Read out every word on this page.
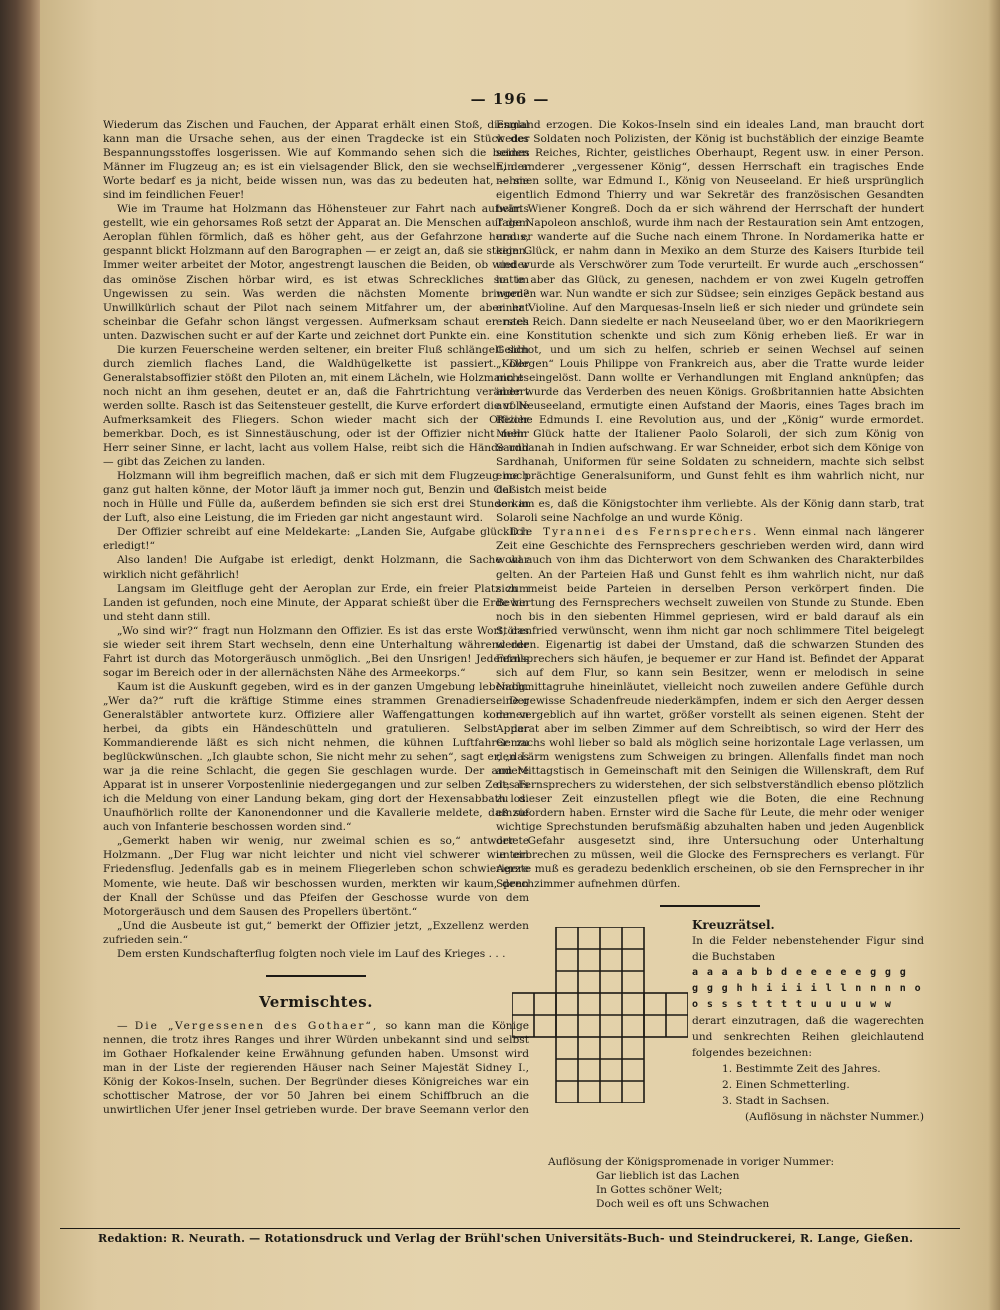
— 196 —

Wiederum das Zischen und Fauchen, der Apparat erhält einen Stoß, diesmal kann man die Ursache sehen, aus der einen Tragdecke ist ein Stück des Bespannungsstoffes losgerissen. Wie auf Kommando sehen sich die beiden Männer im Flugzeug an; es ist ein vielsagender Blick, den sie wechseln, der Worte bedarf es ja nicht, beide wissen nun, was das zu bedeuten hat, — sie sind im feindlichen Feuer!

Wie im Traume hat Holzmann das Höhensteuer zur Fahrt nach aufwärts gestellt, wie ein gehorsames Roß setzt der Apparat an. Die Menschen auf dem Aeroplan fühlen förmlich, daß es höher geht, aus der Gefahrzone heraus, gespannt blickt Holzmann auf den Barographen — er zeigt an, daß sie steigen. Immer weiter arbeitet der Motor, angestrengt lauschen die Beiden, ob wieder das ominöse Zischen hörbar wird, es ist etwas Schreckliches so im Ungewissen zu sein. Was werden die nächsten Momente bringen? Unwillkürlich schaut der Pilot nach seinem Mitfahrer um, der aber hat scheinbar die Gefahr schon längst vergessen. Aufmerksam schaut er nach unten. Dazwischen sucht er auf der Karte und zeichnet dort Punkte ein.

Die kurzen Feuerscheine werden seltener, ein breiter Fluß schlängelt sich durch ziemlich flaches Land, die Waldhügelkette ist passiert. Der Generalstabsoffizier stößt den Piloten an, mit einem Lächeln, wie Holzmann es noch nicht an ihm gesehen, deutet er an, daß die Fahrtrichtung verändert werden sollte. Rasch ist das Seitensteuer gestellt, die Kurve erfordert die volle Aufmerksamkeit des Fliegers. Schon wieder macht sich der Offizier bemerkbar. Doch, es ist Sinnestäuschung, oder ist der Offizier nicht mehr Herr seiner Sinne, er lacht, lacht aus vollem Halse, reibt sich die Hände und — gibt das Zeichen zu landen.

Holzmann will ihm begreiflich machen, daß er sich mit dem Flugzeug noch ganz gut halten könne, der Motor läuft ja immer noch gut, Benzin und Oel ist noch in Hülle und Fülle da, außerdem befinden sie sich erst drei Stunden in der Luft, also eine Leistung, die im Frieden gar nicht angestaunt wird.

Der Offizier schreibt auf eine Meldekarte: „Landen Sie, Aufgabe glücklich erledigt!“

Also landen! Die Aufgabe ist erledigt, denkt Holzmann, die Sache war wirklich nicht gefährlich!

Langsam im Gleitfluge geht der Aeroplan zur Erde, ein freier Platz zum Landen ist gefunden, noch eine Minute, der Apparat schießt über die Erde hin und steht dann still.

„Wo sind wir?“ fragt nun Holzmann den Offizier. Es ist das erste Wort, das sie wieder seit ihrem Start wechseln, denn eine Unterhaltung während der Fahrt ist durch das Motorgeräusch unmöglich. „Bei den Unsrigen! Jedenfalls sogar im Bereich oder in der allernächsten Nähe des Armeekorps.“

Kaum ist die Auskunft gegeben, wird es in der ganzen Umgebung lebendig. „Wer da?“ ruft die kräftige Stimme eines strammen Grenadiers. Der Generalstäbler antwortete kurz. Offiziere aller Waffengattungen kommen herbei, da gibts ein Händeschütteln und gratulieren. Selbst der Kommandierende läßt es sich nicht nehmen, die kühnen Luftfahrer zu beglückwünschen. „Ich glaubte schon, Sie nicht mehr zu sehen“, sagt er, „das war ja die reine Schlacht, die gegen Sie geschlagen wurde. Der andere Apparat ist in unserer Vorpostenlinie niedergegangen und zur selben Zeit, als ich die Meldung von einer Landung bekam, ging dort der Hexensabbath los. Unaufhörlich rollte der Kanonendonner und die Kavallerie meldete, daß sie auch von Infanterie beschossen worden sind.“

„Gemerkt haben wir wenig, nur zweimal schien es so,“ antwortete Holzmann. „Der Flug war nicht leichter und nicht viel schwerer wie ein Friedensflug. Jedenfalls gab es in meinem Fliegerleben schon schwierigere Momente, wie heute. Daß wir beschossen wurden, merkten wir kaum, denn der Knall der Schüsse und das Pfeifen der Geschosse wurde von dem Motorgeräusch und dem Sausen des Propellers übertönt.“

„Und die Ausbeute ist gut,“ bemerkt der Offizier jetzt, „Exzellenz werden zufrieden sein.“

Dem ersten Kundschafterflug folgten noch viele im Lauf des Krieges . . .

Vermischtes.

— Die „Vergessenen des Gothaer“, so kann man die Könige nennen, die trotz ihres Ranges und ihrer Würden unbekannt sind und selbst im Gothaer Hofkalender keine Erwähnung gefunden haben. Umsonst wird man in der Liste der regierenden Häuser nach Seiner Majestät Sidney I., König der Kokos-Inseln, suchen. Der Begründer dieses Königreiches war ein schottischer Matrose, der vor 50 Jahren bei einem Schiffbruch an die unwirtlichen Ufer jener Insel getrieben wurde. Der brave Seemann verlor den

England erzogen. Die Kokos-Inseln sind ein ideales Land, man braucht dort weder Soldaten noch Polizisten, der König ist buchstäblich der einzige Beamte seines Reiches, Richter, geistliches Oberhaupt, Regent usw. in einer Person. Ein anderer „vergessener König“, dessen Herrschaft ein tragisches Ende nehmen sollte, war Edmund I., König von Neuseeland. Er hieß ursprünglich eigentlich Edmond Thierry und war Sekretär des französischen Gesandten beim Wiener Kongreß. Doch da er sich während der Herrschaft der hundert Tage Napoleon anschloß, wurde ihm nach der Restauration sein Amt entzogen, und er wanderte auf die Suche nach einem Throne. In Nordamerika hatte er kein Glück, er nahm dann in Mexiko an dem Sturze des Kaisers Iturbide teil und wurde als Verschwörer zum Tode verurteilt. Er wurde auch „erschossen“ hatte aber das Glück, zu genesen, nachdem er von zwei Kugeln getroffen worden war. Nun wandte er sich zur Südsee; sein einziges Gepäck bestand aus einer Violine. Auf den Marquesas-Inseln ließ er sich nieder und gründete sein erstes Reich. Dann siedelte er nach Neuseeland über, wo er den Maorikriegern eine Konstitution schenkte und sich zum König erheben ließ. Er war in Geldnot, und um sich zu helfen, schrieb er seinen Wechsel auf seinen „Kollegen“ Louis Philippe von Frankreich aus, aber die Tratte wurde leider nicht eingelöst. Dann wollte er Verhandlungen mit England anknüpfen; das aber wurde das Verderben des neuen Königs. Großbritannien hatte Absichten auf Neuseeland, ermutigte einen Aufstand der Maoris, eines Tages brach im Reiche Edmunds I. eine Revolution aus, und der „König“ wurde ermordet. Mehr Glück hatte der Italiener Paolo Solaroli, der sich zum König von Sardhanah in Indien aufschwang. Er war Schneider, erbot sich dem Könige von Sardhanah, Uniformen für seine Soldaten zu schneidern, machte sich selbst eine prächtige Generalsuniform, und Gunst fehlt es ihm wahrlich nicht, nur daß sich meist beide

so kam es, daß die Königstochter ihm verliebte. Als der König dann starb, trat Solaroli seine Nachfolge an und wurde König.

Die Tyrannei des Fernsprechers. Wenn einmal nach längerer Zeit eine Geschichte des Fernsprechers geschrieben werden wird, dann wird wohl auch von ihm das Dichterwort von dem Schwanken des Charakterbildes gelten. An der Parteien Haß und Gunst fehlt es ihm wahrlich nicht, nur daß sich meist beide Parteien in derselben Person verkörpert finden. Die Bewertung des Fernsprechers wechselt zuweilen von Stunde zu Stunde. Eben noch bis in den siebenten Himmel gepriesen, wird er bald darauf als ein Störenfried verwünscht, wenn ihm nicht gar noch schlimmere Titel beigelegt werden. Eigenartig ist dabei der Umstand, daß die schwarzen Stunden des Fernsprechers sich häufen, je bequemer er zur Hand ist. Befindet der Apparat sich auf dem Flur, so kann sein Besitzer, wenn er melodisch in seine Nachmittagruhe hineinläutet, vielleicht noch zuweilen andere Gefühle durch eine gewisse Schadenfreude niederkämpfen, indem er sich den Aerger dessen der vergeblich auf ihn wartet, größer vorstellt als seinen eigenen. Steht der Apparat aber im selben Zimmer auf dem Schreibtisch, so wird der Herr des Gemachs wohl lieber so bald als möglich seine horizontale Lage verlassen, um den Lärm wenigstens zum Schweigen zu bringen. Allenfalls findet man noch am Mittagstisch in Gemeinschaft mit den Seinigen die Willenskraft, dem Ruf des Fernsprechers zu widerstehen, der sich selbstverständlich ebenso plötzlich zu dieser Zeit einzustellen pflegt wie die Boten, die eine Rechnung einzufordern haben. Ernster wird die Sache für Leute, die mehr oder weniger wichtige Sprechstunden berufsmäßig abzuhalten haben und jeden Augenblick der Gefahr ausgesetzt sind, ihre Untersuchung oder Unterhaltung unterbrechen zu müssen, weil die Glocke des Fernsprechers es verlangt. Für Aerzte muß es geradezu bedenklich erscheinen, ob sie den Fernsprecher in ihr Sprechzimmer aufnehmen dürfen.

Kreuzrätsel.
In die Felder nebenstehender Figur sind die Buchstaben
a a a a b b d e e e e e g g g
g g g h h i i i i l l n n n n o
o s s s t t t t u u u u w w
derart einzutragen, daß die wagerechten und senkrechten Reihen gleichlautend folgendes bezeichnen:
1. Bestimmte Zeit des Jahres.
2. Einen Schmetterling.
3. Stadt in Sachsen.
(Auflösung in nächster Nummer.)
Auflösung der Königspromenade in voriger Nummer:
Gar lieblich ist das Lachen
In Gottes schöner Welt;
Doch weil es oft uns Schwachen
Redaktion: R. Neurath. — Rotationsdruck und Verlag der Brühl'schen Universitäts-Buch- und Steindruckerei, R. Lange, Gießen.
